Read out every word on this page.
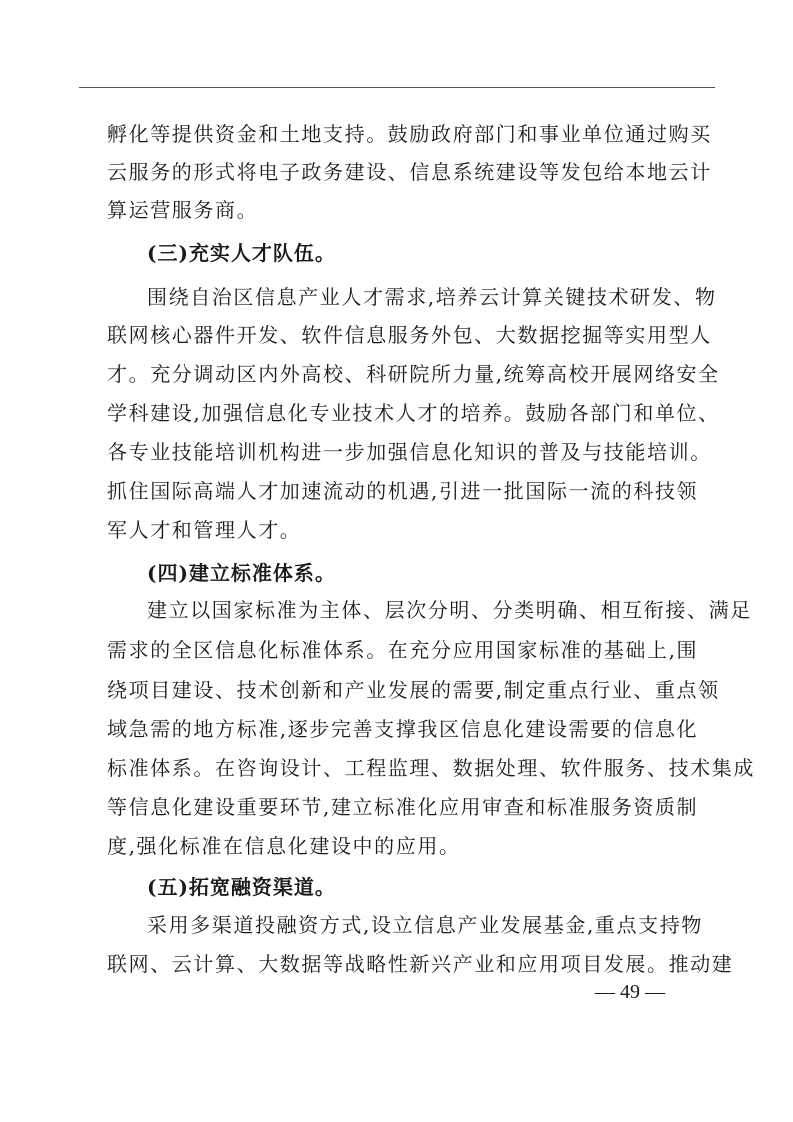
孵化等提供资金和土地支持。鼓励政府部门和事业单位通过购买
云服务的形式将电子政务建设、信息系统建设等发包给本地云计
算运营服务商。
(三)充实人才队伍。
围绕自治区信息产业人才需求,培养云计算关键技术研发、物
联网核心器件开发、软件信息服务外包、大数据挖掘等实用型人
才。充分调动区内外高校、科研院所力量,统筹高校开展网络安全
学科建设,加强信息化专业技术人才的培养。鼓励各部门和单位、
各专业技能培训机构进一步加强信息化知识的普及与技能培训。
抓住国际高端人才加速流动的机遇,引进一批国际一流的科技领
军人才和管理人才。
(四)建立标准体系。
建立以国家标准为主体、层次分明、分类明确、相互衔接、满足
需求的全区信息化标准体系。在充分应用国家标准的基础上,围
绕项目建设、技术创新和产业发展的需要,制定重点行业、重点领
域急需的地方标准,逐步完善支撑我区信息化建设需要的信息化
标准体系。在咨询设计、工程监理、数据处理、软件服务、技术集成
等信息化建设重要环节,建立标准化应用审查和标准服务资质制
度,强化标准在信息化建设中的应用。
(五)拓宽融资渠道。
采用多渠道投融资方式,设立信息产业发展基金,重点支持物
联网、云计算、大数据等战略性新兴产业和应用项目发展。推动建
— 49 —
